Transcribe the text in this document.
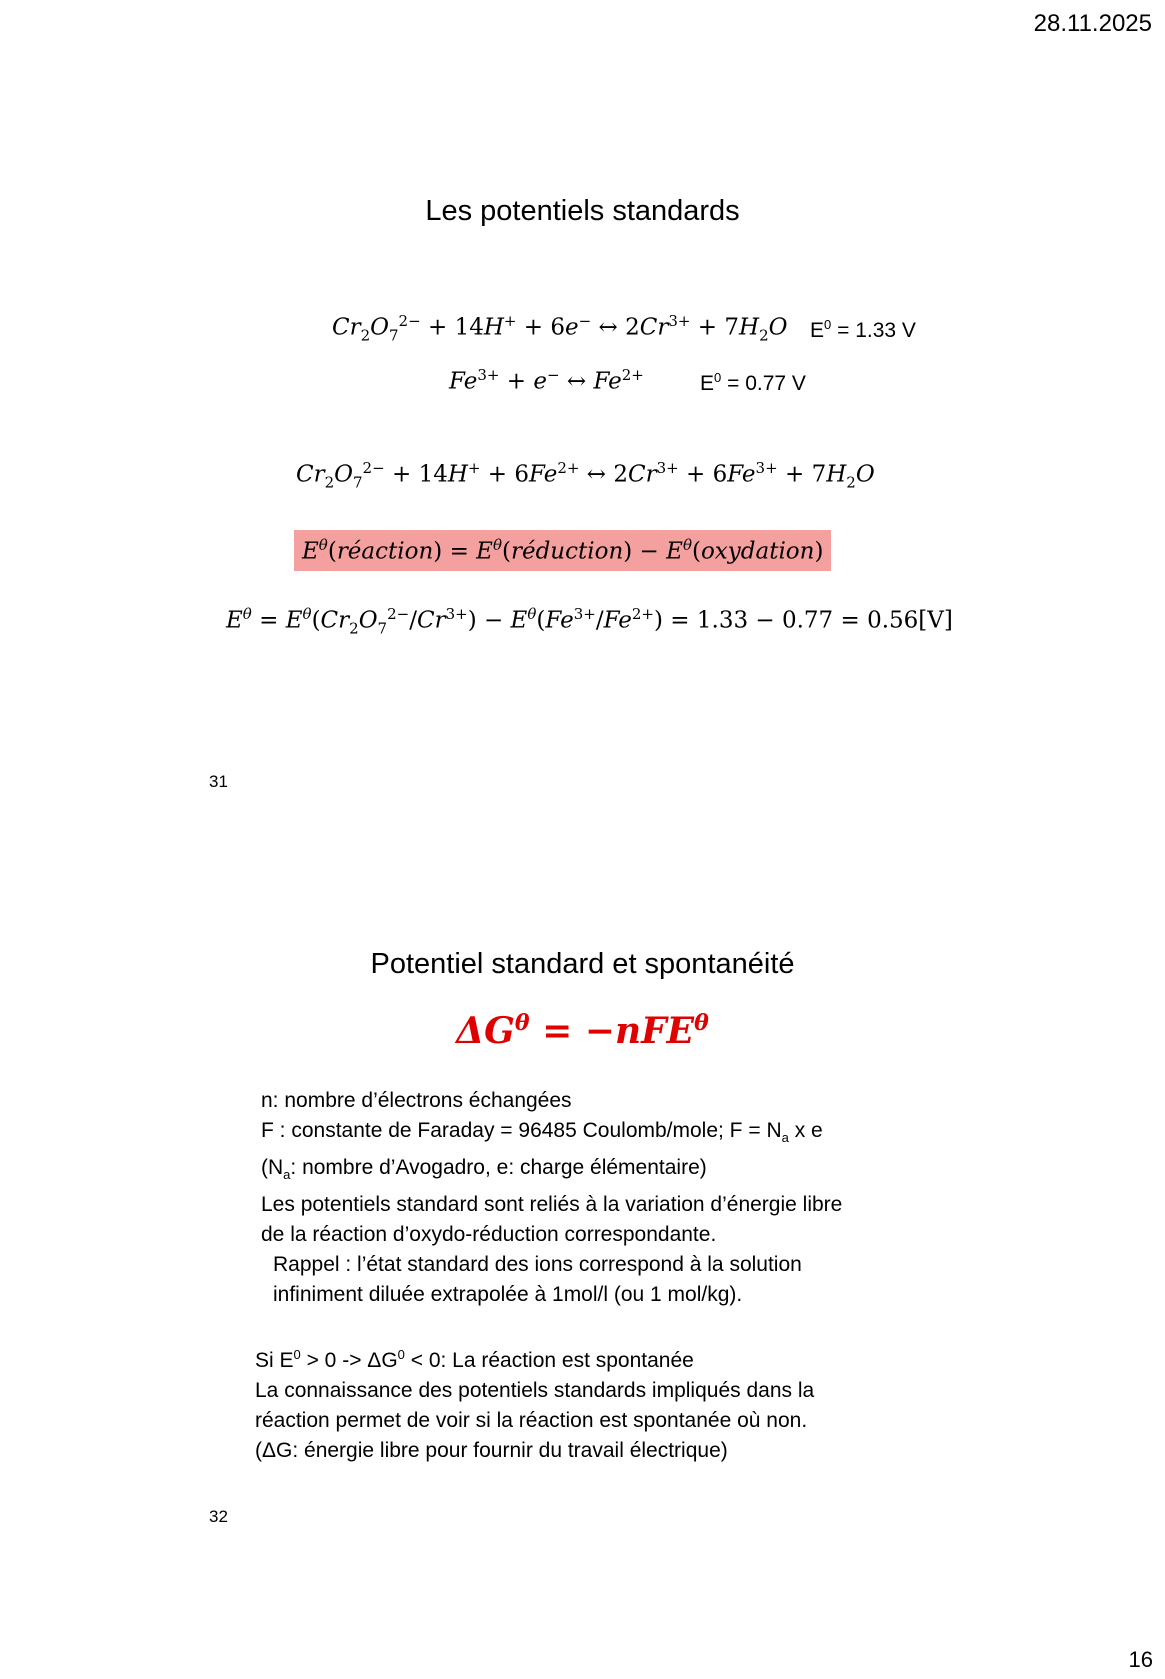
28.11.2025
16
Les potentiels standards
$Cr_2O_7^{2-} + 14H^+ + 6e^-$ ↔ $2Cr^{3+} + 7H_2O$ $E^0 = 1.33$ V
$Fe^{3+} + e^-$ ↔ $Fe^{2+}$	$E^0 = 0.77$ V
$Cr_2O_7^{2-} + 14H^+ + 6Fe^{2+}$ ↔ $2Cr^{3+} + 6Fe^{3+} + 7H_2O$
$E^\theta(réaction)$ = $E^\theta(réduction)$ − $E^\theta(oxydation)$
$E^\theta = E^\theta(Cr_2O_7^{2-}/Cr^{3+}) - E^\theta(Fe^{3+}/Fe^{2+}) = 1.33 - 0.77 = 0.56[V]$
31
Potentiel standard et spontanéité
$\Delta G^\theta = -nFE^\theta$
n: nombre d’électrons échangées
F : constante de Faraday = 96485 Coulomb/mole; $F = N_a$ x e
($N_a$: nombre d’Avogadro, e: charge élémentaire)
Les potentiels standard sont reliés à la variation d’énergie libre
de la réaction d’oxydo-réduction correspondante.
Rappel : l’état standard des ions correspond à la solution
infiniment diluée extrapolée à 1mol/l (ou 1 mol/kg).
Si $E^0 > 0 -> \Delta G^0 < 0$: La réaction est spontanée
La connaissance des potentiels standards impliqués dans la
réaction permet de voir si la réaction est spontanée où non.
(ΔG: énergie libre pour fournir du travail électrique)
32
